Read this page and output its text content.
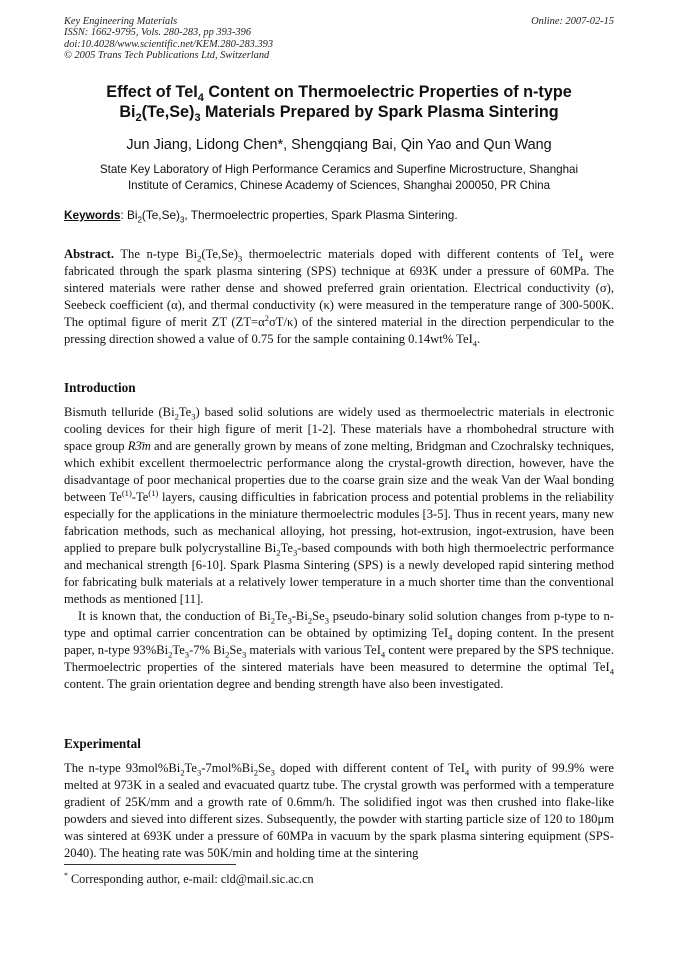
Key Engineering Materials
ISSN: 1662-9795, Vols. 280-283, pp 393-396
doi:10.4028/www.scientific.net/KEM.280-283.393
© 2005 Trans Tech Publications Ltd, Switzerland
Online: 2007-02-15
Effect of TeI$_4$ Content on Thermoelectric Properties of n-type
$Bi_2(Te,Se)_3$ Materials Prepared by Spark Plasma Sintering
Jun Jiang, Lidong Chen*, Shengqiang Bai, Qin Yao and Qun Wang
State Key Laboratory of High Performance Ceramics and Superfine Microstructure, Shanghai
Institute of Ceramics, Chinese Academy of Sciences, Shanghai 200050, PR China
Keywords: $Bi_2(Te,Se)_3$, Thermoelectric properties, Spark Plasma Sintering.

Abstract. The n-type $Bi_2(Te,Se)_3$ thermoelectric materials doped with different contents of TeI$_4$ were fabricated through the spark plasma sintering (SPS) technique at 693K under a pressure of 60MPa. The sintered materials were rather dense and showed preferred grain orientation. Electrical conductivity (σ), Seebeck coefficient (α), and thermal conductivity (κ) were measured in the temperature range of 300-500K. The optimal figure of merit ZT $(ZT=\alpha^2\sigma T/\kappa)$ of the sintered material in the direction perpendicular to the pressing direction showed a value of 0.75 for the sample containing 0.14wt% TeI$_4$.

Introduction

Bismuth telluride $(Bi_2Te_3)$ based solid solutions are widely used as thermoelectric materials in electronic cooling devices for their high figure of merit [1-2]. These materials have a rhombohedral structure with space group R3̄m and are generally grown by means of zone melting, Bridgman and Czochralsky techniques, which exhibit excellent thermoelectric performance along the crystal-growth direction, however, have the disadvantage of poor mechanical properties due to the coarse grain size and the weak Van der Waal bonding between Te$^{(1)}$-Te$^{(1)}$ layers, causing difficulties in fabrication process and potential problems in the reliability especially for the applications in the miniature thermoelectric modules [3-5]. Thus in recent years, many new fabrication methods, such as mechanical alloying, hot pressing, hot-extrusion, ingot-extrusion, have been applied to prepare bulk polycrystalline $Bi_2Te_3$-based compounds with both high thermoelectric performance and mechanical strength [6-10]. Spark Plasma Sintering (SPS) is a newly developed rapid sintering method for fabricating bulk materials at a relatively lower temperature in a much shorter time than the conventional methods as mentioned [11].

It is known that, the conduction of $Bi_2Te_3-Bi_2Se_3$ pseudo-binary solid solution changes from p-type to n-type and optimal carrier concentration can be obtained by optimizing TeI$_4$ doping content. In the present paper, n-type $93\%Bi_2Te_3-7\%$ $Bi_2Se_3$ materials with various TeI$_4$ content were prepared by the SPS technique. Thermoelectric properties of the sintered materials have been measured to determine the optimal TeI$_4$ content. The grain orientation degree and bending strength have also been investigated.

Experimental

The n-type $93mol\%Bi_2Te_3-7mol\%Bi_2Se_3$ doped with different content of TeI$_4$ with purity of 99.9% were melted at 973K in a sealed and evacuated quartz tube. The crystal growth was performed with a temperature gradient of 25K/mm and a growth rate of 0.6mm/h. The solidified ingot was then crushed into flake-like powders and sieved into different sizes. Subsequently, the powder with starting particle size of 120 to 180μm was sintered at 693K under a pressure of 60MPa in vacuum by the spark plasma sintering equipment (SPS-2040). The heating rate was 50K/min and holding time at the sintering

* Corresponding author, e-mail: cld@mail.sic.ac.cn
